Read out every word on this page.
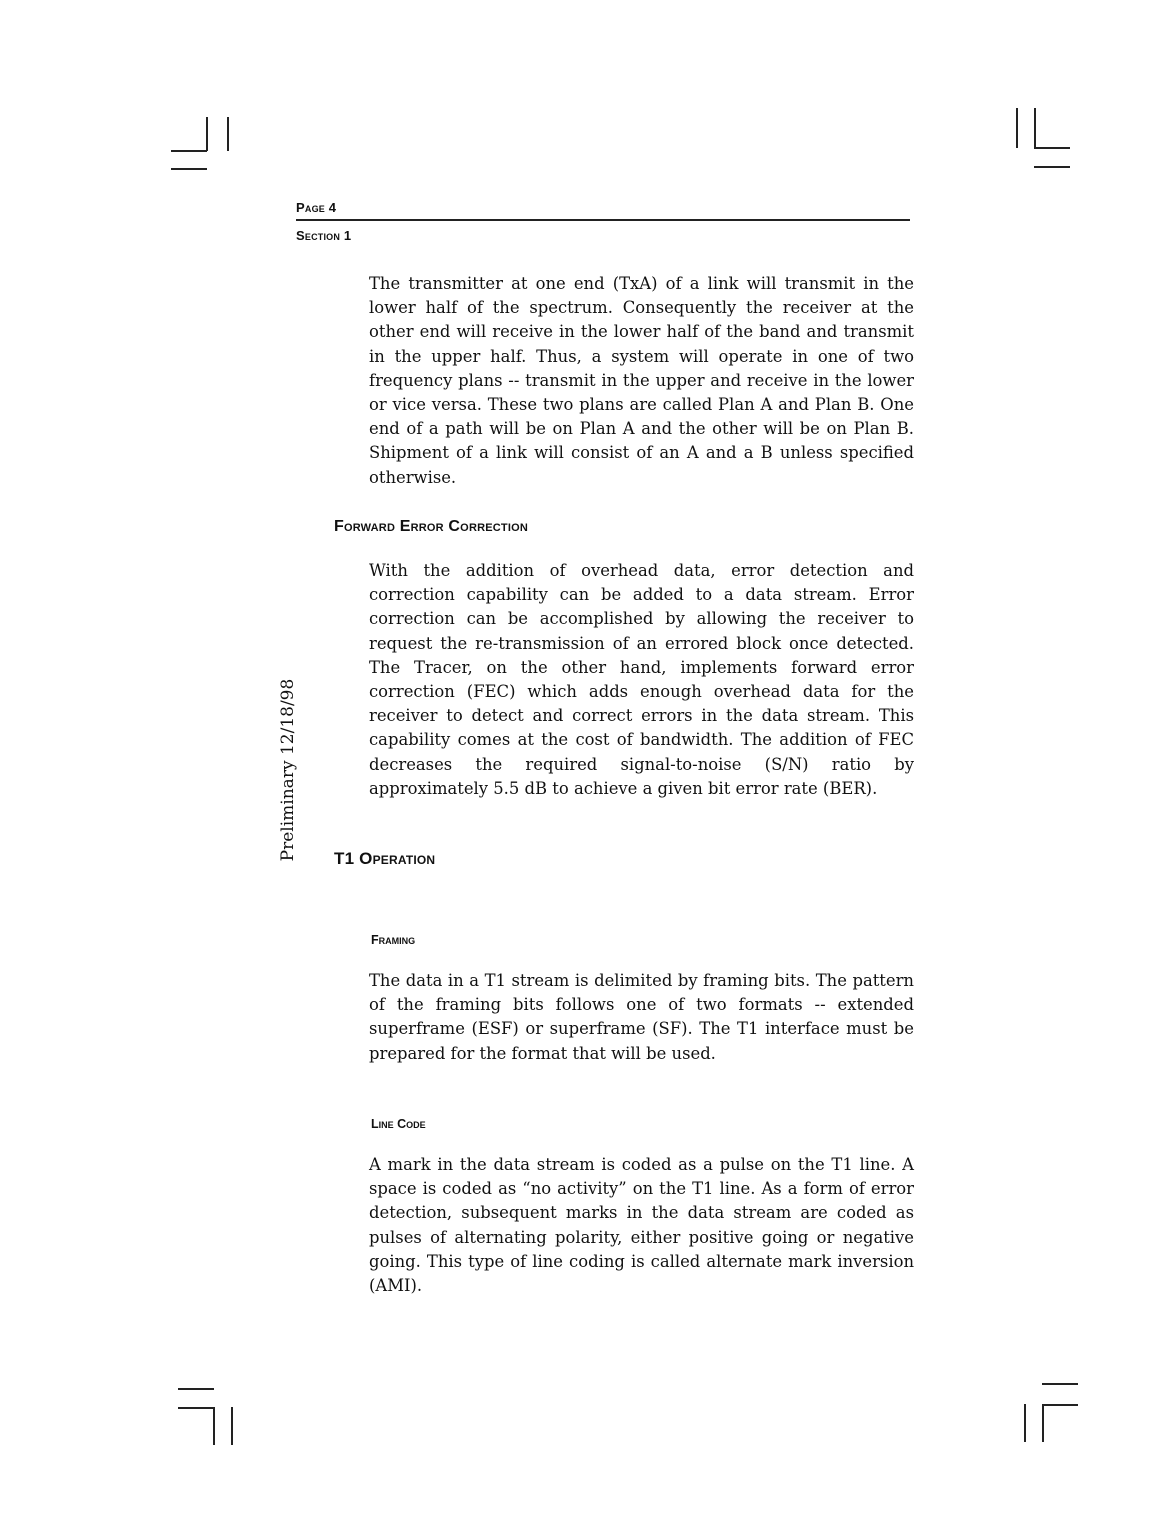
Page 4
Section 1
Preliminary 12/18/98

The transmitter at one end (TxA) of a link will transmit in the lower half of the spectrum. Consequently the receiver at the other end will receive in the lower half of the band and transmit in the upper half. Thus, a system will operate in one of two frequency plans -- transmit in the upper and receive in the lower or vice versa. These two plans are called Plan A and Plan B. One end of a path will be on Plan A and the other will be on Plan B. Shipment of a link will consist of an A and a B unless specified otherwise.

Forward Error Correction

With the addition of overhead data, error detection and correction capability can be added to a data stream. Error correction can be accomplished by allowing the receiver to request the re-transmission of an errored block once detected. The Tracer, on the other hand, implements forward error correction (FEC) which adds enough overhead data for the receiver to detect and correct errors in the data stream. This capability comes at the cost of bandwidth. The addition of FEC decreases the required signal-to-noise (S/N) ratio by approximately 5.5 dB to achieve a given bit error rate (BER).

T1 Operation
Framing

The data in a T1 stream is delimited by framing bits. The pattern of the framing bits follows one of two formats -- extended superframe (ESF) or superframe (SF). The T1 interface must be prepared for the format that will be used.

Line Code

A mark in the data stream is coded as a pulse on the T1 line. A space is coded as “no activity” on the T1 line. As a form of error detection, subsequent marks in the data stream are coded as pulses of alternating polarity, either positive going or negative going. This type of line coding is called alternate mark inversion (AMI).
